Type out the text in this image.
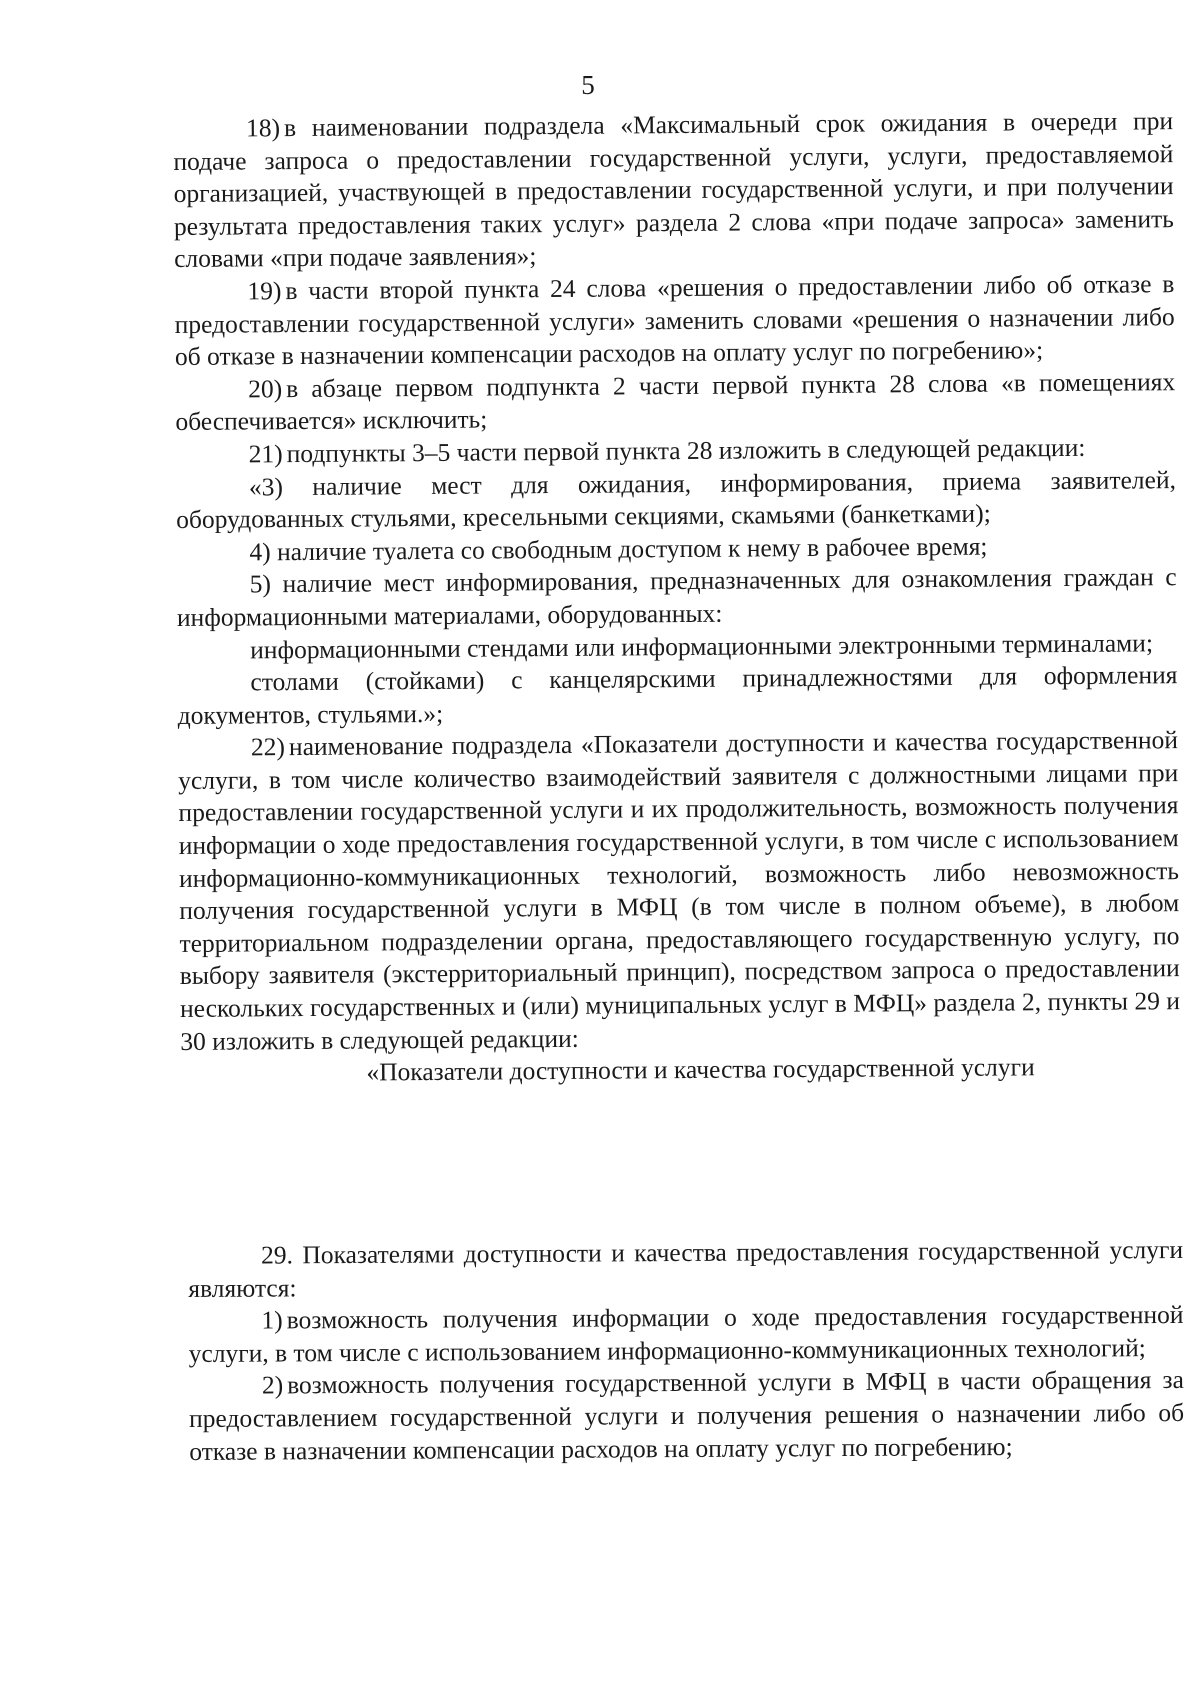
5

18) в наименовании подраздела «Максимальный срок ожидания в очереди при подаче запроса о предоставлении государственной услуги, услуги, предоставляемой организацией, участвующей в предоставлении государственной услуги, и при получении результата предоставления таких услуг» раздела 2 слова «при подаче запроса» заменить словами «при подаче заявления»;

19) в части второй пункта 24 слова «решения о предоставлении либо об отказе в предоставлении государственной услуги» заменить словами «решения о назначении либо об отказе в назначении компенсации расходов на оплату услуг по погребению»;

20) в абзаце первом подпункта 2 части первой пункта 28 слова «в помещениях обеспечивается» исключить;

21) подпункты 3–5 части первой пункта 28 изложить в следующей редакции:

«3) наличие мест для ожидания, информирования, приема заявителей, оборудованных стульями, кресельными секциями, скамьями (банкетками);

4) наличие туалета со свободным доступом к нему в рабочее время;

5) наличие мест информирования, предназначенных для ознакомления граждан с информационными материалами, оборудованных:

информационными стендами или информационными электронными терминалами;

столами (стойками) с канцелярскими принадлежностями для оформления документов, стульями.»;

22) наименование подраздела «Показатели доступности и качества государственной услуги, в том числе количество взаимодействий заявителя с должностными лицами при предоставлении государственной услуги и их продолжительность, возможность получения информации о ходе предоставления государственной услуги, в том числе с использованием информационно-коммуникационных технологий, возможность либо невозможность получения государственной услуги в МФЦ (в том числе в полном объеме), в любом территориальном подразделении органа, предоставляющего государственную услугу, по выбору заявителя (экстерриториальный принцип), посредством запроса о предоставлении нескольких государственных и (или) муниципальных услуг в МФЦ» раздела 2, пункты 29 и 30 изложить в следующей редакции:

«Показатели доступности и качества государственной услуги

29. Показателями доступности и качества предоставления государственной услуги являются:

1) возможность получения информации о ходе предоставления государственной услуги, в том числе с использованием информационно-коммуникационных технологий;

2) возможность получения государственной услуги в МФЦ в части обращения за предоставлением государственной услуги и получения решения о назначении либо об отказе в назначении компенсации расходов на оплату услуг по погребению;
